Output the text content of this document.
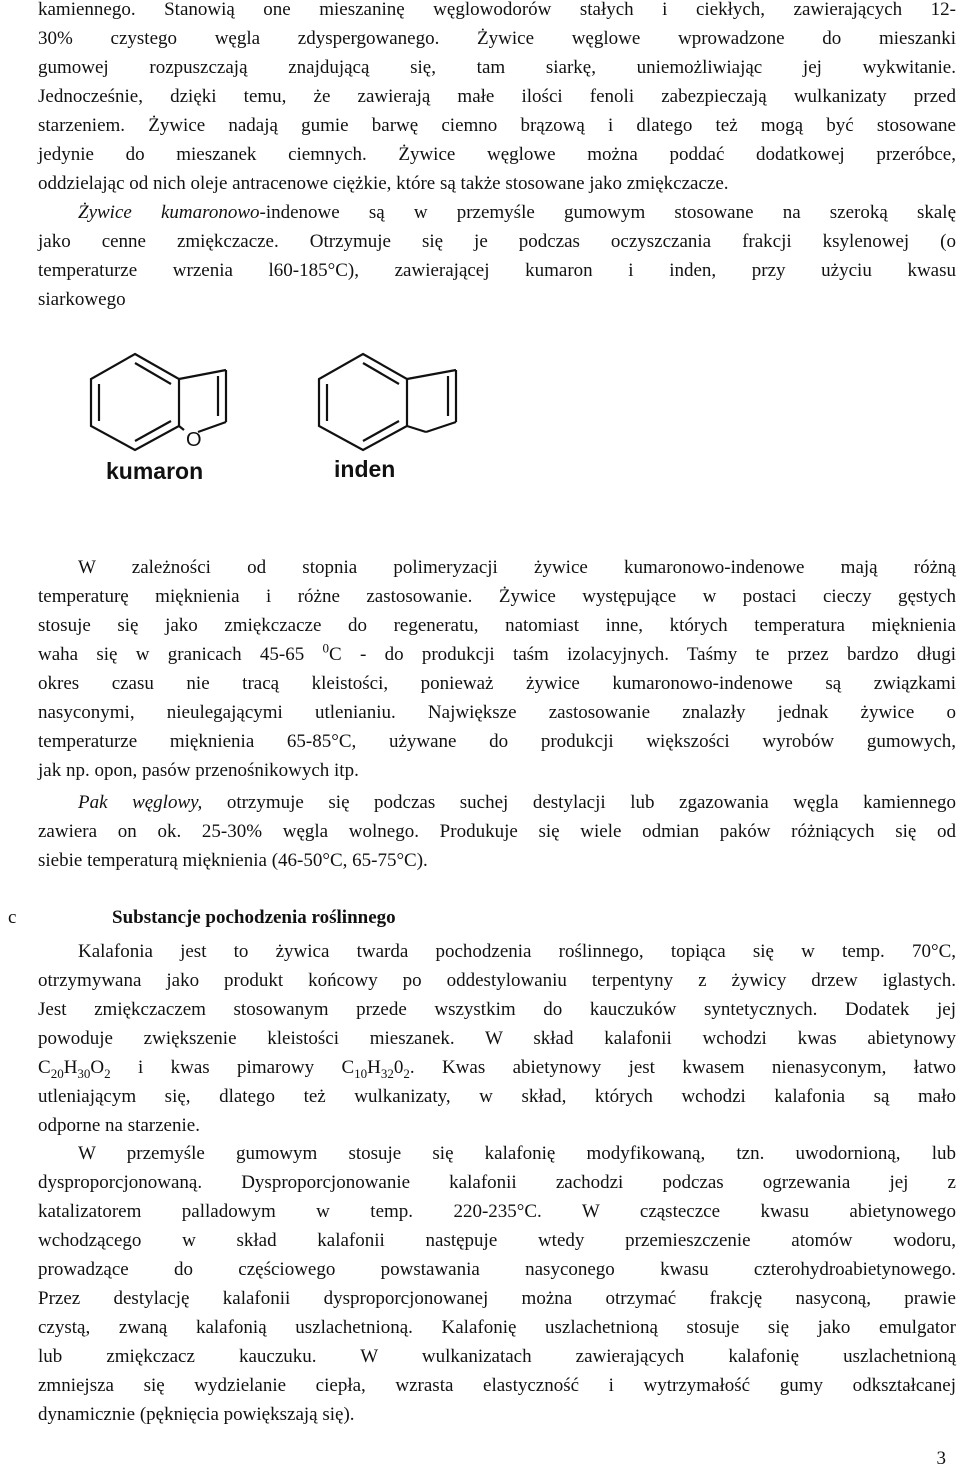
kamiennego. Stanowią one mieszaninę węglowodorów stałych i ciekłych, zawierających 12-
30% czystego węgla zdyspergowanego. Żywice węglowe wprowadzone do mieszanki
gumowej rozpuszczają znajdującą się, tam siarkę, uniemożliwiając jej wykwitanie.
Jednocześnie, dzięki temu, że zawierają małe ilości fenoli zabezpieczają wulkanizaty przed
starzeniem. Żywice nadają gumie barwę ciemno brązową i dlatego też mogą być stosowane
jedynie do mieszanek ciemnych. Żywice węglowe można poddać dodatkowej przeróbce,
oddzielając od nich oleje antracenowe ciężkie, które są także stosowane jako zmiękczacze.
Żywice kumaronowo-indenowe są w przemyśle gumowym stosowane na szeroką skalę
jako cenne zmiękczacze. Otrzymuje się je podczas oczyszczania frakcji ksylenowej (o
temperaturze wrzenia l60-185°C), zawierającej kumaron i inden, przy użyciu kwasu
siarkowego
O
kumaron	inden
W zależności od stopnia polimeryzacji żywice kumaronowo-indenowe mają różną
temperaturę mięknienia i różne zastosowanie. Żywice występujące w postaci cieczy gęstych
stosuje się jako zmiękczacze do regeneratu, natomiast inne, których temperatura mięknienia
waha się w granicach 45-65 $^0$C - do produkcji taśm izolacyjnych. Taśmy te przez bardzo długi
okres czasu nie tracą kleistości, ponieważ żywice kumaronowo-indenowe są związkami
nasyconymi, nieulegającymi utlenianiu. Największe zastosowanie znalazły jednak żywice o
temperaturze mięknienia 65-85°C, używane do produkcji większości wyrobów gumowych,
jak np. opon, pasów przenośnikowych itp.
Pak węglowy, otrzymuje się podczas suchej destylacji lub zgazowania węgla kamiennego
zawiera on ok. 25-30% węgla wolnego. Produkuje się wiele odmian paków różniących się od
siebie temperaturą mięknienia (46-50°C, 65-75°C).
c	Substancje pochodzenia roślinnego
Kalafonia jest to żywica twarda pochodzenia roślinnego, topiąca się w temp. 70°C,
otrzymywana jako produkt końcowy po oddestylowaniu terpentyny z żywicy drzew iglastych.
Jest zmiękczaczem stosowanym przede wszystkim do kauczuków syntetycznych. Dodatek jej
powoduje zwiększenie kleistości mieszanek. W skład kalafonii wchodzi kwas abietynowy
$C_{20}H_{30}O_2$ i kwas pimarowy $C_{10}H_{32}0_2$. Kwas abietynowy jest kwasem nienasyconym, łatwo
utleniającym się, dlatego też wulkanizaty, w skład, których wchodzi kalafonia są mało
odporne na starzenie.
W przemyśle gumowym stosuje się kalafonię modyfikowaną, tzn. uwodornioną, lub
dysproporcjonowaną. Dysproporcjonowanie kalafonii zachodzi podczas ogrzewania jej z
katalizatorem palladowym w temp. 220-235°C. W cząsteczce kwasu abietynowego
wchodzącego w skład kalafonii następuje wtedy przemieszczenie atomów wodoru,
prowadzące do częściowego powstawania nasyconego kwasu czterohydroabietynowego.
Przez destylację kalafonii dysproporcjonowanej można otrzymać frakcję nasyconą, prawie
czystą, zwaną kalafonią uszlachetnioną. Kalafonię uszlachetnioną stosuje się jako emulgator
lub zmiękczacz kauczuku. W wulkanizatach zawierających kalafonię uszlachetnioną
zmniejsza się wydzielanie ciepła, wzrasta elastyczność i wytrzymałość gumy odkształcanej
dynamicznie (pęknięcia powiększają się).
3
